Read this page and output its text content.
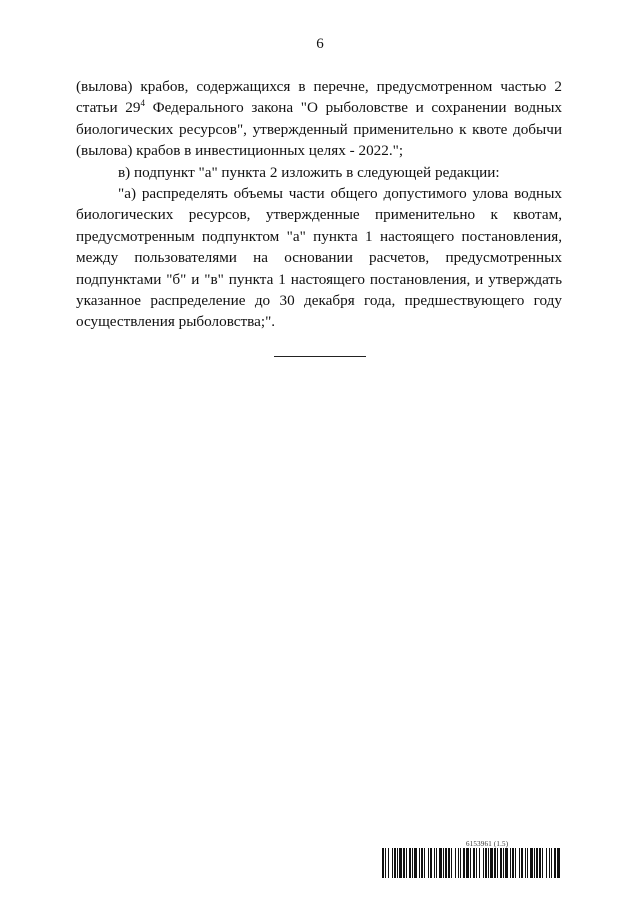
6

(вылова) крабов, содержащихся в перечне, предусмотренном частью 2 статьи $29^4$ Федерального закона "О рыболовстве и сохранении водных биологических ресурсов", утвержденный применительно к квоте добычи (вылова) крабов в инвестиционных целях - 2022.";

в) подпункт "а" пункта 2 изложить в следующей редакции:

"а) распределять объемы части общего допустимого улова водных биологических ресурсов, утвержденные применительно к квотам, предусмотренным подпунктом "а" пункта 1 настоящего постановления, между пользователями на основании расчетов, предусмотренных подпунктами "б" и "в" пункта 1 настоящего постановления, и утверждать указанное распределение до 30 декабря года, предшествующего году осуществления рыболовства;".

6153961 (1.5)
